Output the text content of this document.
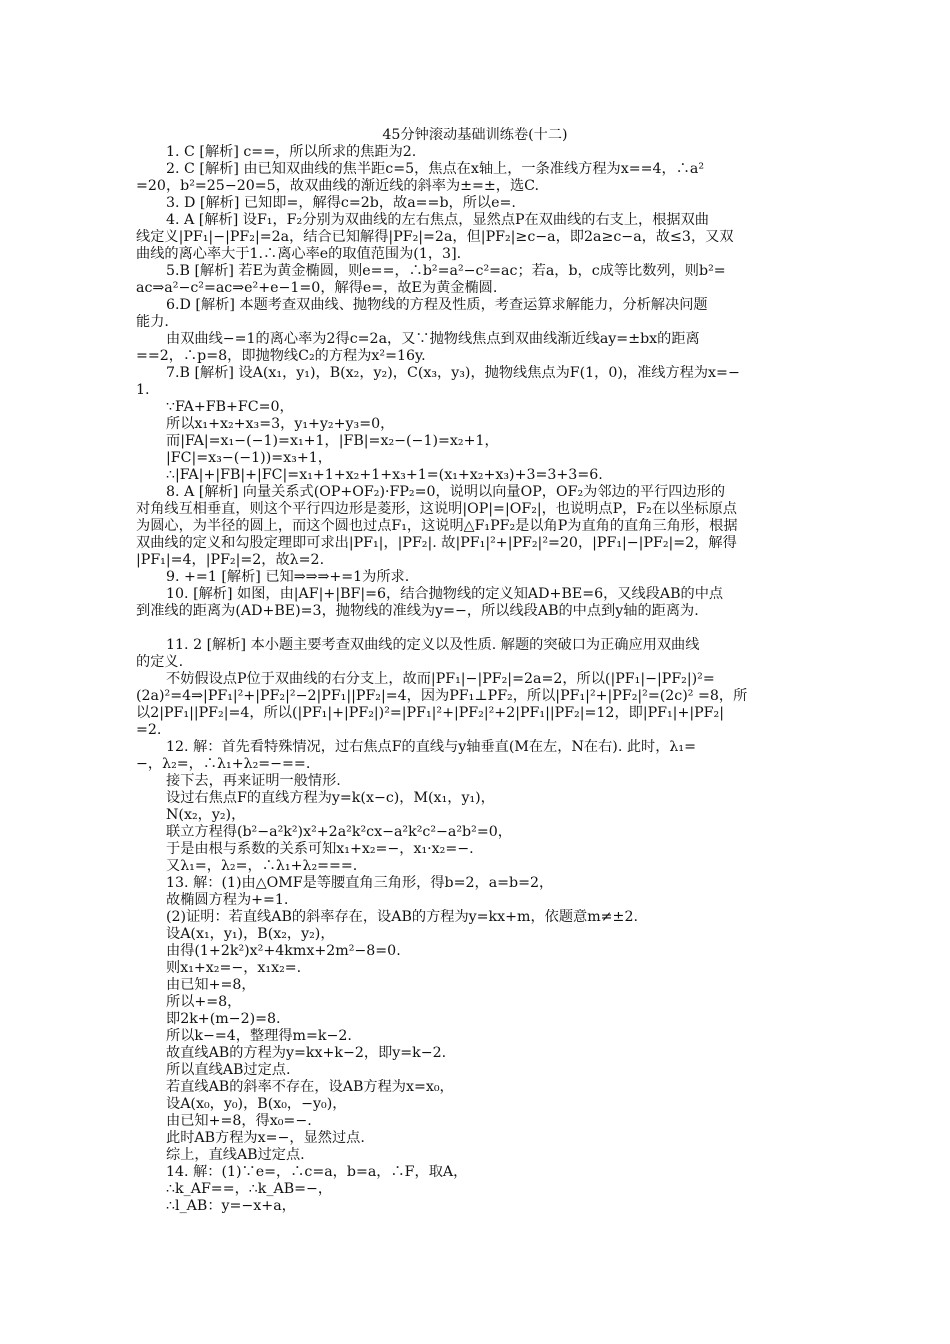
45分钟滚动基础训练卷(十二)
1. C [解析] c==，所以所求的焦距为2.
2. C [解析] 由已知双曲线的焦半距c=5，焦点在x轴上，一条准线方程为x==4，∴a²
=20，b²=25−20=5，故双曲线的渐近线的斜率为±=±，选C.
3. D [解析] 已知即=，解得c=2b，故a==b，所以e=.
4. A [解析] 设F₁，F₂分别为双曲线的左右焦点，显然点P在双曲线的右支上，根据双曲
线定义|PF₁|−|PF₂|=2a，结合已知解得|PF₂|=2a，但|PF₂|≥c−a，即2a≥c−a，故≤3，又双
曲线的离心率大于1.∴离心率e的取值范围为(1，3].
5.B [解析] 若E为黄金椭圆，则e==，∴b²=a²−c²=ac；若a，b，c成等比数列，则b²=
ac⇒a²−c²=ac⇒e²+e−1=0，解得e=，故E为黄金椭圆.
6.D [解析] 本题考查双曲线、抛物线的方程及性质，考查运算求解能力，分析解决问题
能力.
由双曲线−=1的离心率为2得c=2a，又∵抛物线焦点到双曲线渐近线ay=±bx的距离
==2，∴p=8，即抛物线C₂的方程为x²=16y.
7.B [解析] 设A(x₁，y₁)，B(x₂，y₂)，C(x₃，y₃)，抛物线焦点为F(1，0)，准线方程为x=−
1.
∵FA+FB+FC=0，
所以x₁+x₂+x₃=3，y₁+y₂+y₃=0，
而|FA|=x₁−(−1)=x₁+1，|FB|=x₂−(−1)=x₂+1，
|FC|=x₃−(−1))=x₃+1，
∴|FA|+|FB|+|FC|=x₁+1+x₂+1+x₃+1=(x₁+x₂+x₃)+3=3+3=6.
8. A [解析] 向量关系式(OP+OF₂)·FP₂=0，说明以向量OP，OF₂为邻边的平行四边形的
对角线互相垂直，则这个平行四边形是菱形，这说明|OP|=|OF₂|，也说明点P，F₂在以坐标原点
为圆心，为半径的圆上，而这个圆也过点F₁，这说明△F₁PF₂是以角P为直角的直角三角形，根据
双曲线的定义和勾股定理即可求出|PF₁|，|PF₂|. 故|PF₁|²+|PF₂|²=20，|PF₁|−|PF₂|=2，解得
|PF₁|=4，|PF₂|=2，故λ=2.
9. +=1 [解析] 已知⇒⇒⇒+=1为所求.
10. [解析] 如图，由|AF|+|BF|=6，结合抛物线的定义知AD+BE=6，又线段AB的中点
到准线的距离为(AD+BE)=3，抛物线的准线为y=−，所以线段AB的中点到y轴的距离为.
11. 2 [解析] 本小题主要考查双曲线的定义以及性质. 解题的突破口为正确应用双曲线
的定义.
不妨假设点P位于双曲线的右分支上，故而|PF₁|−|PF₂|=2a=2，所以(|PF₁|−|PF₂|)²=
(2a)²=4⇒|PF₁|²+|PF₂|²−2|PF₁||PF₂|=4，因为PF₁⊥PF₂，所以|PF₁|²+|PF₂|²=(2c)² =8，所
以2|PF₁||PF₂|=4，所以(|PF₁|+|PF₂|)²=|PF₁|²+|PF₂|²+2|PF₁||PF₂|=12，即|PF₁|+|PF₂|
=2.
12. 解：首先看特殊情况，过右焦点F的直线与y轴垂直(M在左，N在右). 此时，λ₁=
−，λ₂=，∴λ₁+λ₂=−==.
接下去，再来证明一般情形.
设过右焦点F的直线方程为y=k(x−c)，M(x₁，y₁)，
N(x₂，y₂)，
联立方程得(b²−a²k²)x²+2a²k²cx−a²k²c²−a²b²=0，
于是由根与系数的关系可知x₁+x₂=−，x₁·x₂=−.
又λ₁=，λ₂=，∴λ₁+λ₂===.
13. 解：(1)由△OMF是等腰直角三角形，得b=2，a=b=2，
故椭圆方程为+=1.
(2)证明：若直线AB的斜率存在，设AB的方程为y=kx+m，依题意m≠±2.
设A(x₁，y₁)，B(x₂，y₂)，
由得(1+2k²)x²+4kmx+2m²−8=0.
则x₁+x₂=−，x₁x₂=.
由已知+=8，
所以+=8，
即2k+(m−2)=8.
所以k−=4，整理得m=k−2.
故直线AB的方程为y=kx+k−2，即y=k−2.
所以直线AB过定点.
若直线AB的斜率不存在，设AB方程为x=x₀，
设A(x₀，y₀)，B(x₀，−y₀)，
由已知+=8，得x₀=−.
此时AB方程为x=−，显然过点.
综上，直线AB过定点.
14. 解：(1)∵e=，∴c=a，b=a，∴F，取A，
∴k_AF==，∴k_AB=−，
∴l_AB：y=−x+a，
